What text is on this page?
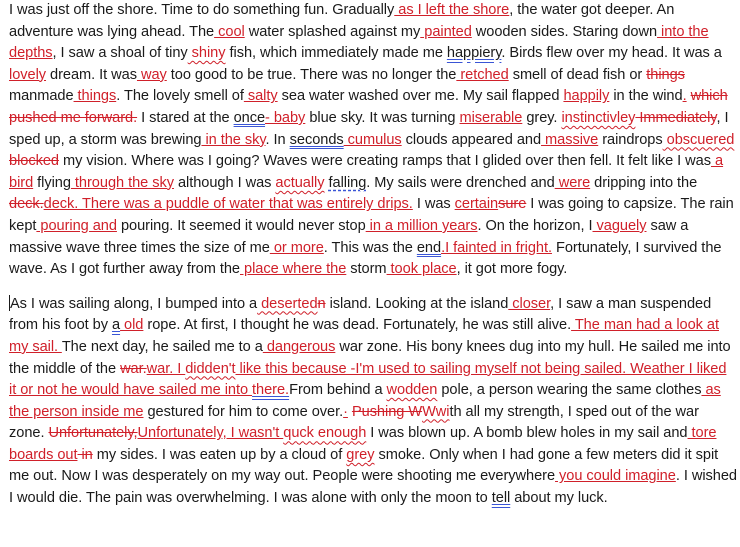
I was just off the shore. Time to do something fun. Gradually as I left the shore, the water got deeper. An adventure was lying ahead. The cool water splashed against my painted wooden sides. Staring down into the depths, I saw a shoal of tiny shiny fish, which immediately made me happiery. Birds flew over my head. It was a lovely dream. It was way too good to be true. There was no longer the retched smell of dead fish or things manmade things. The lovely smell of salty sea water washed over me. My sail flapped happily in the wind. which pushed me forward. I stared at the once- baby blue sky. It was turning miserable grey. instinctivley Immediately, I sped up, a storm was brewing in the sky. In seconds cumulus clouds appeared and massive raindrops obscuered blocked my vision. Where was I going? Waves were creating ramps that I glided over then fell. It felt like I was a bird flying through the sky although I was actually falling. My sails were drenched and were dripping into the deck.deck. There was a puddle of water that was entirely drips. I was certainsure I was going to capsize. The rain kept pouring and pouring. It seemed it would never stop in a million years. On the horizon, I vaguely saw a massive wave three times the size of me or more. This was the end.I fainted in fright. Fortunately, I survived the wave. As I got further away from the place where the storm took place, it got more fogy.

As I was sailing along, I bumped into a desertedn island. Looking at the island closer, I saw a man suspended from his foot by a old rope. At first, I thought he was dead. Fortunately, he was still alive. The man had a look at my sail. The next day, he sailed me to a dangerous war zone. His bony knees dug into my hull. He sailed me into the middle of the war.war. I didden't like this because -I'm used to sailing myself not being sailed. Weather I liked it or not he would have sailed me into there.From behind a wodden pole, a person wearing the same clothes as the person inside me gestured for him to come over.· Pushing WWwith all my strength, I sped out of the war zone. Unfortunately,Unfortunately, I wasn't quck enough I was blown up. A bomb blew holes in my sail and tore boards out in my sides. I was eaten up by a cloud of grey smoke. Only when I had gone a few meters did it spit me out. Now I was desperately on my way out. People were shooting me everywhere you could imagine. I wished I would die. The pain was overwhelming. I was alone with only the moon to tell about my luck.
